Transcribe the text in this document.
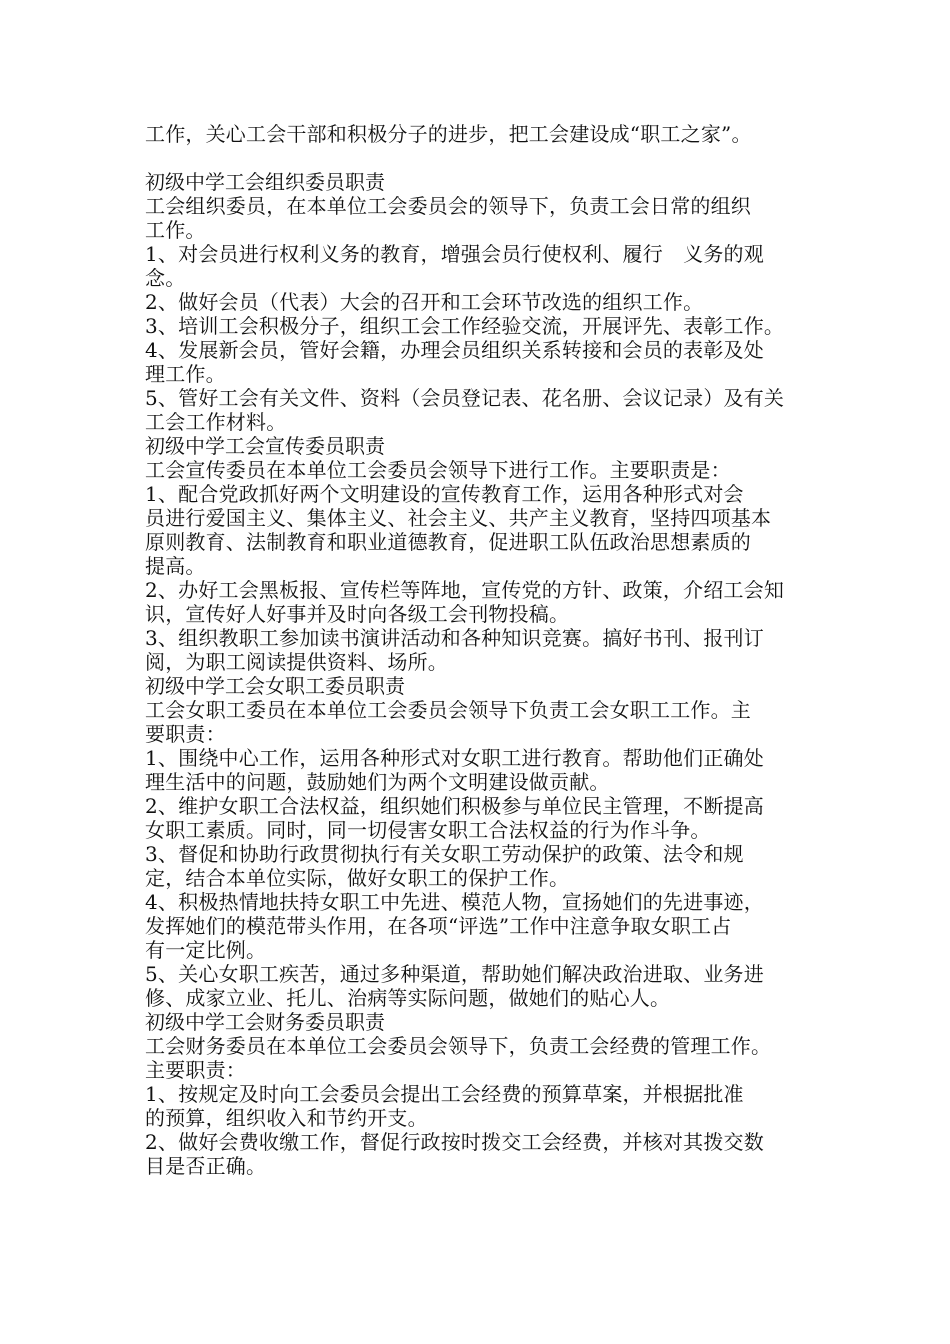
工作，关心工会干部和积极分子的进步，把工会建设成“职工之家”。
初级中学工会组织委员职责
工会组织委员，在本单位工会委员会的领导下，负责工会日常的组织
工作。
1、对会员进行权利义务的教育，增强会员行使权利、履行　义务的观
念。
2、做好会员（代表）大会的召开和工会环节改选的组织工作。
3、培训工会积极分子，组织工会工作经验交流，开展评先、表彰工作。
4、发展新会员，管好会籍，办理会员组织关系转接和会员的表彰及处
理工作。
5、管好工会有关文件、资料（会员登记表、花名册、会议记录）及有关
工会工作材料。
初级中学工会宣传委员职责
工会宣传委员在本单位工会委员会领导下进行工作。主要职责是：
1、配合党政抓好两个文明建设的宣传教育工作，运用各种形式对会
员进行爱国主义、集体主义、社会主义、共产主义教育，坚持四项基本
原则教育、法制教育和职业道德教育，促进职工队伍政治思想素质的
提高。
2、办好工会黑板报、宣传栏等阵地，宣传党的方针、政策，介绍工会知
识，宣传好人好事并及时向各级工会刊物投稿。
3、组织教职工参加读书演讲活动和各种知识竞赛。搞好书刊、报刊订
阅，为职工阅读提供资料、场所。
初级中学工会女职工委员职责
工会女职工委员在本单位工会委员会领导下负责工会女职工工作。主
要职责：
1、围绕中心工作，运用各种形式对女职工进行教育。帮助他们正确处
理生活中的问题，鼓励她们为两个文明建设做贡献。
2、维护女职工合法权益，组织她们积极参与单位民主管理，不断提高
女职工素质。同时，同一切侵害女职工合法权益的行为作斗争。
3、督促和协助行政贯彻执行有关女职工劳动保护的政策、法令和规
定，结合本单位实际，做好女职工的保护工作。
4、积极热情地扶持女职工中先进、模范人物，宣扬她们的先进事迹，
发挥她们的模范带头作用，在各项“评选”工作中注意争取女职工占
有一定比例。
5、关心女职工疾苦，通过多种渠道，帮助她们解决政治进取、业务进
修、成家立业、托儿、治病等实际问题，做她们的贴心人。
初级中学工会财务委员职责
工会财务委员在本单位工会委员会领导下，负责工会经费的管理工作。
主要职责：
1、按规定及时向工会委员会提出工会经费的预算草案，并根据批准
的预算，组织收入和节约开支。
2、做好会费收缴工作，督促行政按时拨交工会经费，并核对其拨交数
目是否正确。
